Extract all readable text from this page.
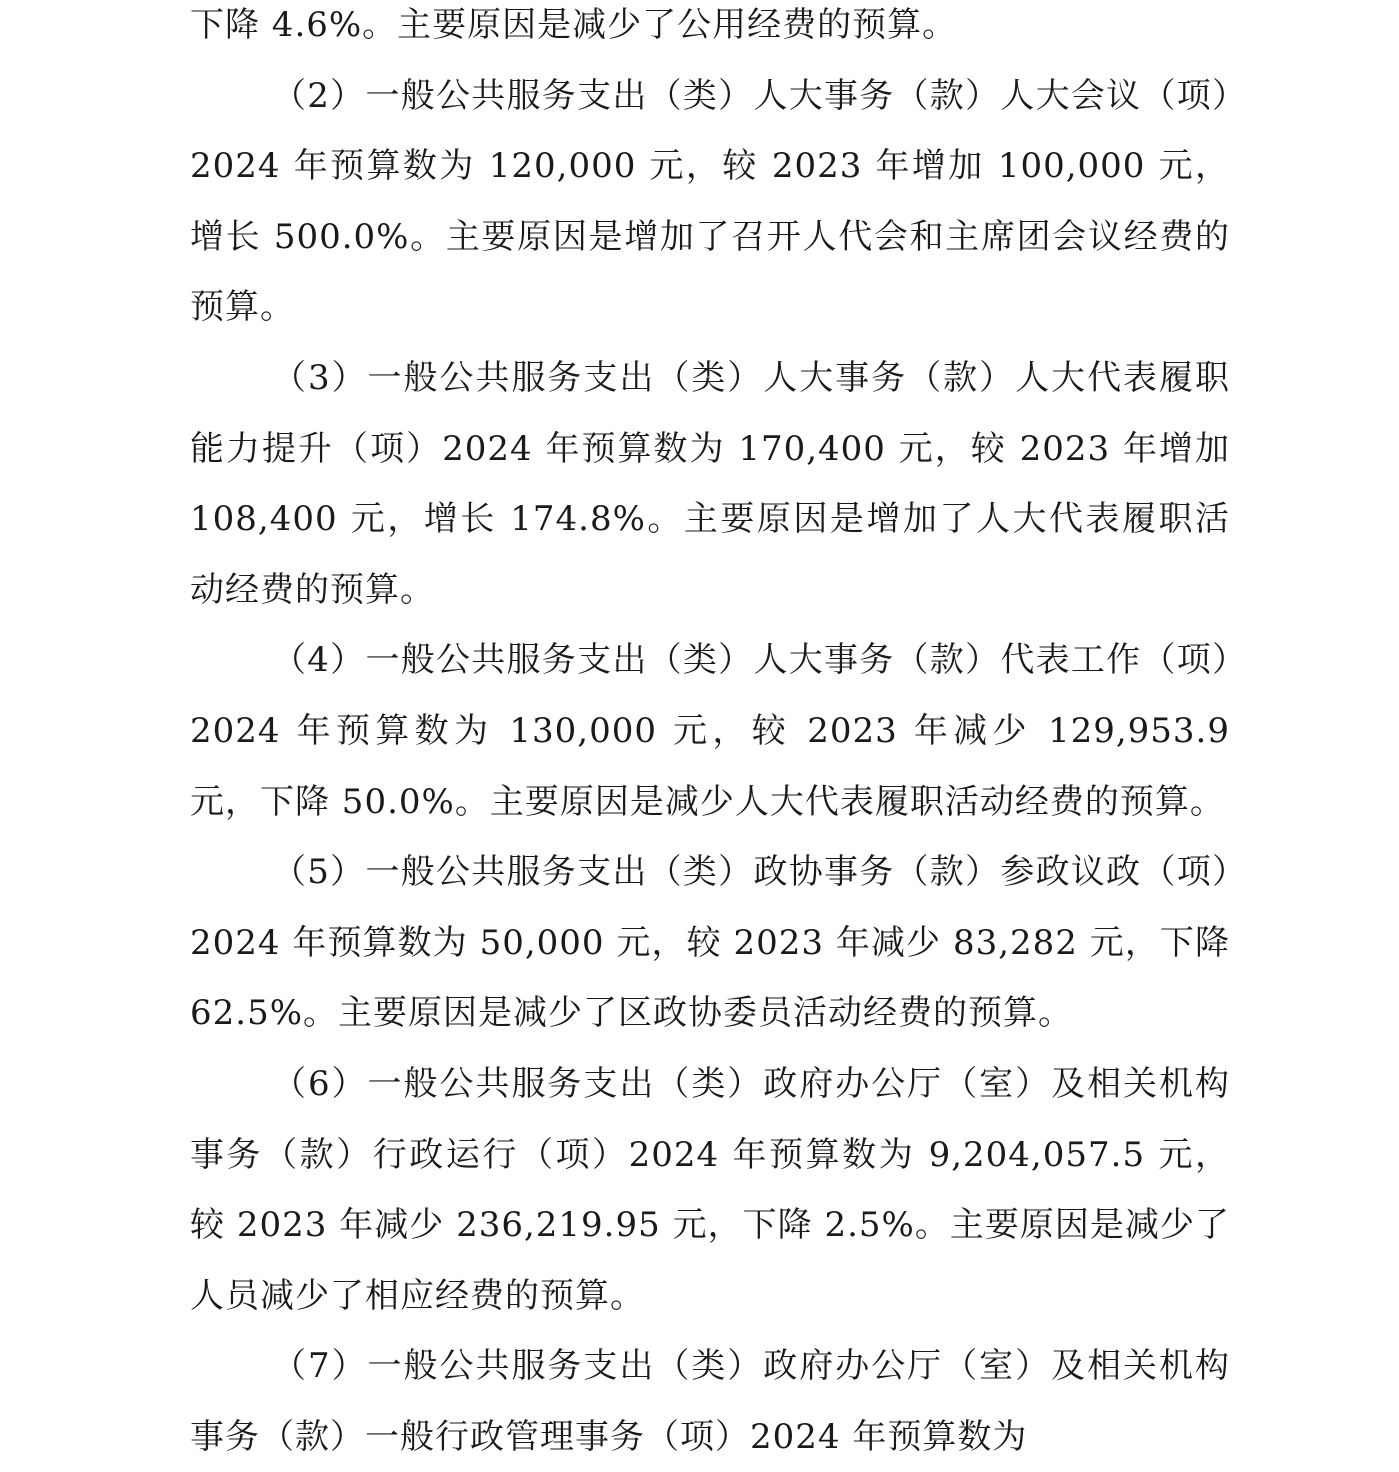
下降 4.6%。主要原因是减少了公用经费的预算。

（2）一般公共服务支出（类）人大事务（款）人大会议（项）2024 年预算数为 120,000 元，较 2023 年增加 100,000 元，增长 500.0%。主要原因是增加了召开人代会和主席团会议经费的预算。

（3）一般公共服务支出（类）人大事务（款）人大代表履职能力提升（项）2024 年预算数为 170,400 元，较 2023 年增加 108,400 元，增长 174.8%。主要原因是增加了人大代表履职活动经费的预算。

（4）一般公共服务支出（类）人大事务（款）代表工作（项）2024 年预算数为 130,000 元，较 2023 年减少 129,953.9 元，下降 50.0%。主要原因是减少人大代表履职活动经费的预算。

（5）一般公共服务支出（类）政协事务（款）参政议政（项）2024 年预算数为 50,000 元，较 2023 年减少 83,282 元，下降 62.5%。主要原因是减少了区政协委员活动经费的预算。

（6）一般公共服务支出（类）政府办公厅（室）及相关机构事务（款）行政运行（项）2024 年预算数为 9,204,057.5 元，较 2023 年减少 236,219.95 元，下降 2.5%。主要原因是减少了人员减少了相应经费的预算。

（7）一般公共服务支出（类）政府办公厅（室）及相关机构事务（款）一般行政管理事务（项）2024 年预算数为
